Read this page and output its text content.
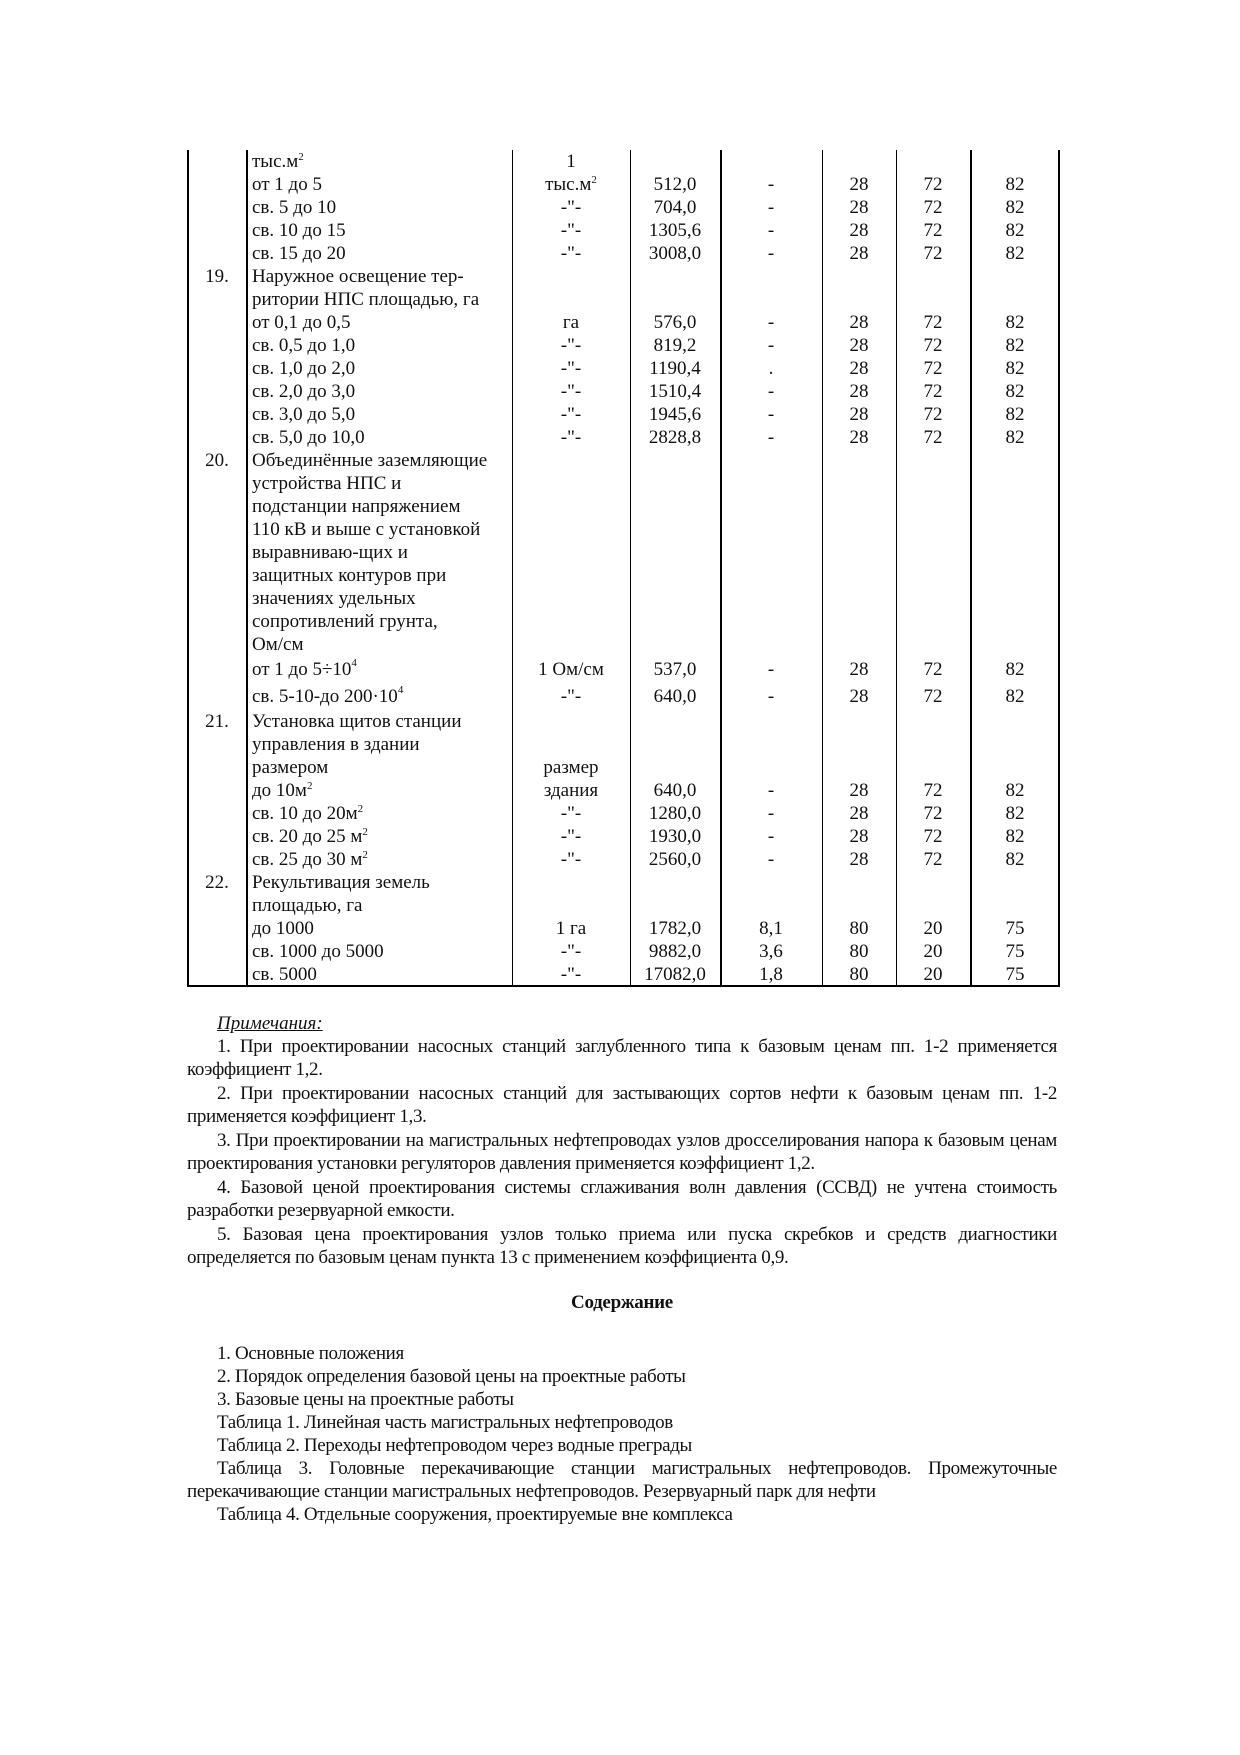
$тыс.м^2$	1
от 1 до 5	$тыс.м^2$	512,0	-	28	72	82
св. 5 до 10	-"-	704,0	-	28	72	82
св. 10 до 15	-"-	1305,6	-	28	72	82
св. 15 до 20	-"-	3008,0	-	28	72	82
19.	Наружное освещение тер-
ритории НПС площадью, га
от 0,1 до 0,5	га	576,0	-	28	72	82
св. 0,5 до 1,0	-"-	819,2	-	28	72	82
св. 1,0 до 2,0	-"-	1190,4	.	28	72	82
св. 2,0 до 3,0	-"-	1510,4	-	28	72	82
св. 3,0 до 5,0	-"-	1945,6	-	28	72	82
св. 5,0 до 10,0	-"-	2828,8	-	28	72	82
20.	Объединённые заземляющие
устройства НПС и
подстанции напряжением
110 кВ и выше с установкой
выравниваю-щих и
защитных контуров при
значениях удельных
сопротивлений грунта,
Ом/см
от 1 до $5\div 10^4$	1 Ом/см	537,0	-	28	72	82
св. 5-10-до $200\cdot 10^4$	-"-	640,0	-	28	72	82
21.	Установка щитов станции
управления в здании
размером	размер
до $10м^2$	здания	640,0	-	28	72	82
св. 10 до $20м^2$	-"-	1280,0	-	28	72	82
св. 20 до 25 $м^2$	-"-	1930,0	-	28	72	82
св. 25 до 30 $м^2$	-"-	2560,0	-	28	72	82
22.	Рекультивация земель
площадью, га
до 1000	1 га	1782,0	8,1	80	20	75
св. 1000 до 5000	-"-	9882,0	3,6	80	20	75
св. 5000	-"-	17082,0	1,8	80	20	75
Примечания:
1. При проектировании насосных станций заглубленного типа к базовым ценам пп. 1-2 применяется коэффициент 1,2.
2. При проектировании насосных станций для застывающих сортов нефти к базовым ценам пп. 1-2 применяется коэффициент 1,3.
3. При проектировании на магистральных нефтепроводах узлов дросселирования напора к базовым ценам проектирования установки регуляторов давления применяется коэффициент 1,2.
4. Базовой ценой проектирования системы сглаживания волн давления (ССВД) не учтена стоимость разработки резервуарной емкости.
5. Базовая цена проектирования узлов только приема или пуска скребков и средств диагностики определяется по базовым ценам пункта 13 с применением коэффициента 0,9.
Содержание
1. Основные положения
2. Порядок определения базовой цены на проектные работы
3. Базовые цены на проектные работы
Таблица 1. Линейная часть магистральных нефтепроводов
Таблица 2. Переходы нефтепроводом через водные преграды
Таблица 3. Головные перекачивающие станции магистральных нефтепроводов. Промежуточные перекачивающие станции магистральных нефтепроводов. Резервуарный парк для нефти
Таблица 4. Отдельные сооружения, проектируемые вне комплекса
